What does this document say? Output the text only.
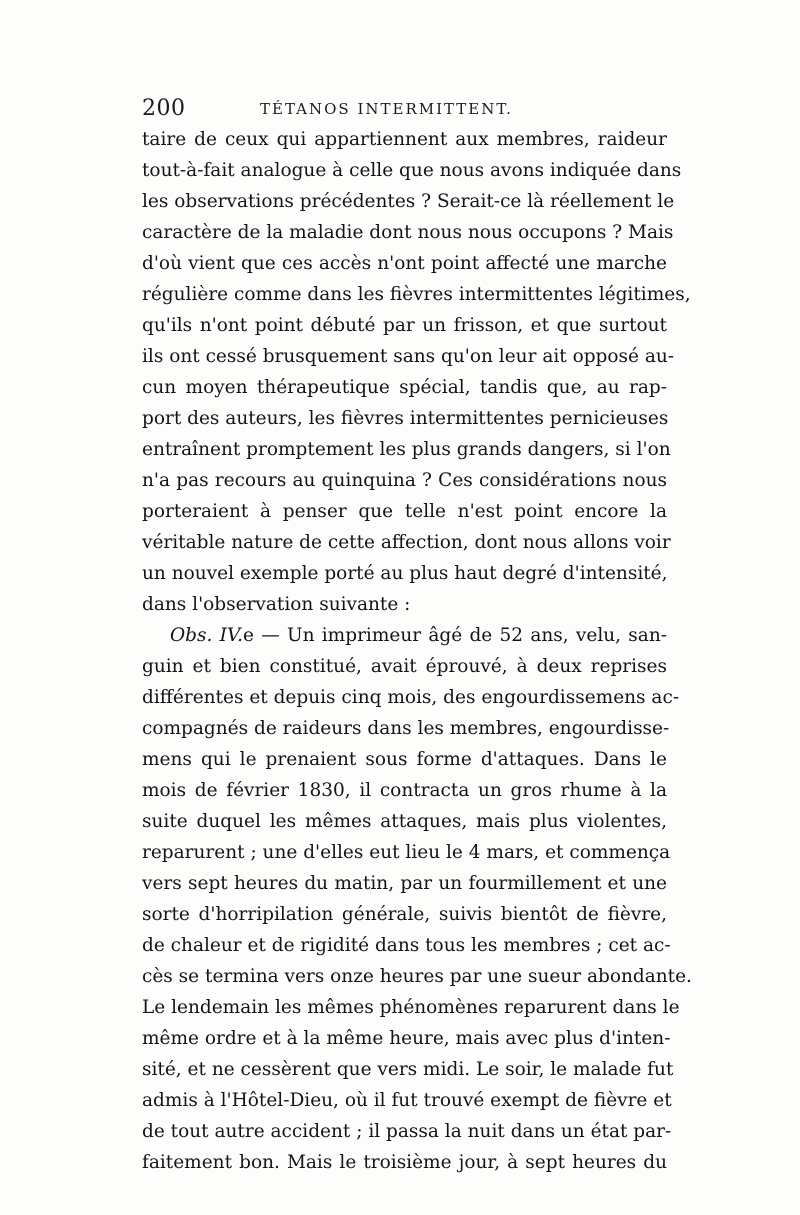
200	TÉTANOS INTERMITTENT.
taire de ceux qui appartiennent aux membres, raideur
tout-à-fait analogue à celle que nous avons indiquée dans
les observations précédentes ? Serait-ce là réellement le
caractère de la maladie dont nous nous occupons ? Mais
d'où vient que ces accès n'ont point affecté une marche
régulière comme dans les fièvres intermittentes légitimes,
qu'ils n'ont point débuté par un frisson, et que surtout
ils ont cessé brusquement sans qu'on leur ait opposé au-
cun moyen thérapeutique spécial, tandis que, au rap-
port des auteurs, les fièvres intermittentes pernicieuses
entraînent promptement les plus grands dangers, si l'on
n'a pas recours au quinquina ? Ces considérations nous
porteraient à penser que telle n'est point encore la
véritable nature de cette affection, dont nous allons voir
un nouvel exemple porté au plus haut degré d'intensité,
dans l'observation suivante :
Obs. IV.e — Un imprimeur âgé de 52 ans, velu, san-
guin et bien constitué, avait éprouvé, à deux reprises
différentes et depuis cinq mois, des engourdissemens ac-
compagnés de raideurs dans les membres, engourdisse-
mens qui le prenaient sous forme d'attaques. Dans le
mois de février 1830, il contracta un gros rhume à la
suite duquel les mêmes attaques, mais plus violentes,
reparurent ; une d'elles eut lieu le 4 mars, et commença
vers sept heures du matin, par un fourmillement et une
sorte d'horripilation générale, suivis bientôt de fièvre,
de chaleur et de rigidité dans tous les membres ; cet ac-
cès se termina vers onze heures par une sueur abondante.
Le lendemain les mêmes phénomènes reparurent dans le
même ordre et à la même heure, mais avec plus d'inten-
sité, et ne cessèrent que vers midi. Le soir, le malade fut
admis à l'Hôtel-Dieu, où il fut trouvé exempt de fièvre et
de tout autre accident ; il passa la nuit dans un état par-
faitement bon. Mais le troisième jour, à sept heures du
